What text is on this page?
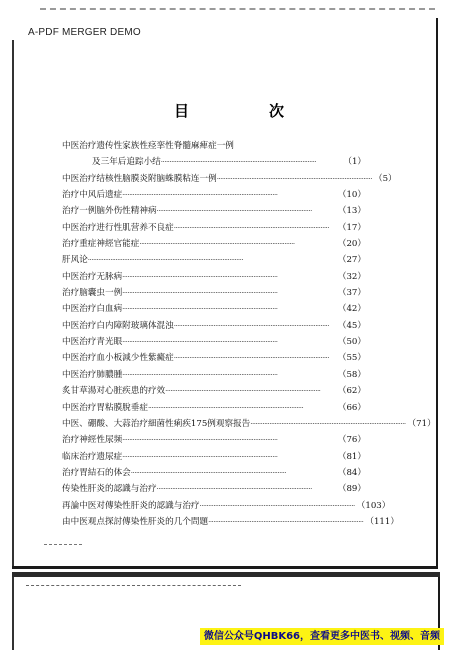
A-PDF MERGER DEMO
目	次
中医治疗遗传性家族性痉挛性脊髓麻痺症一例
及三年后追踪小结 ··························································································	（1）
中医治疗结核性脑膜炎附脑蛛膜粘连一例 ·························································································· （5）
治疗中风后遗症 ··························································································	（10）
治疗一例脑外伤性精神病 ··························································································	（13）
中医治疗进行性肌营养不良症 ··························································································	（17）
治疗重症神經官能症 ··························································································	（20）
肝风论 ··························································································	（27）
中医治疗无脉病 ··························································································	（32）
治疗脑囊虫一例 ··························································································	（37）
中医治疗白血病 ··························································································	（42）
中医治疗白内障附玻璃体混浊 ··························································································	（45）
中医治疗青光眼 ··························································································	（50）
中医治疗血小板減少性紫癜症 ··························································································	（55）
中医治疗肺膿腫 ··························································································	（58）
炙甘草湯对心脏疾患的疗效 ··························································································	（62）
中医治疗胃粘膜脫垂症 ··························································································	（66）
中医、硼酸、大蒜治疗細菌性痢疾175例观察报告 ·························································································· （71）
治疗神經性尿频 ··························································································	（76）
临床治疗遗尿症 ··························································································	（81）
治疗胃結石的体会 ··························································································	（84）
传染性肝炎的認識与治疗 ··························································································	（89）
再論中医对傳染性肝炎的認識与治疗 ·························································································· （103）
由中医观点探討傳染性肝炎的几个問題 ·························································································· （111）
微信公众号QHBK66，查看更多中医书、视频、音频
